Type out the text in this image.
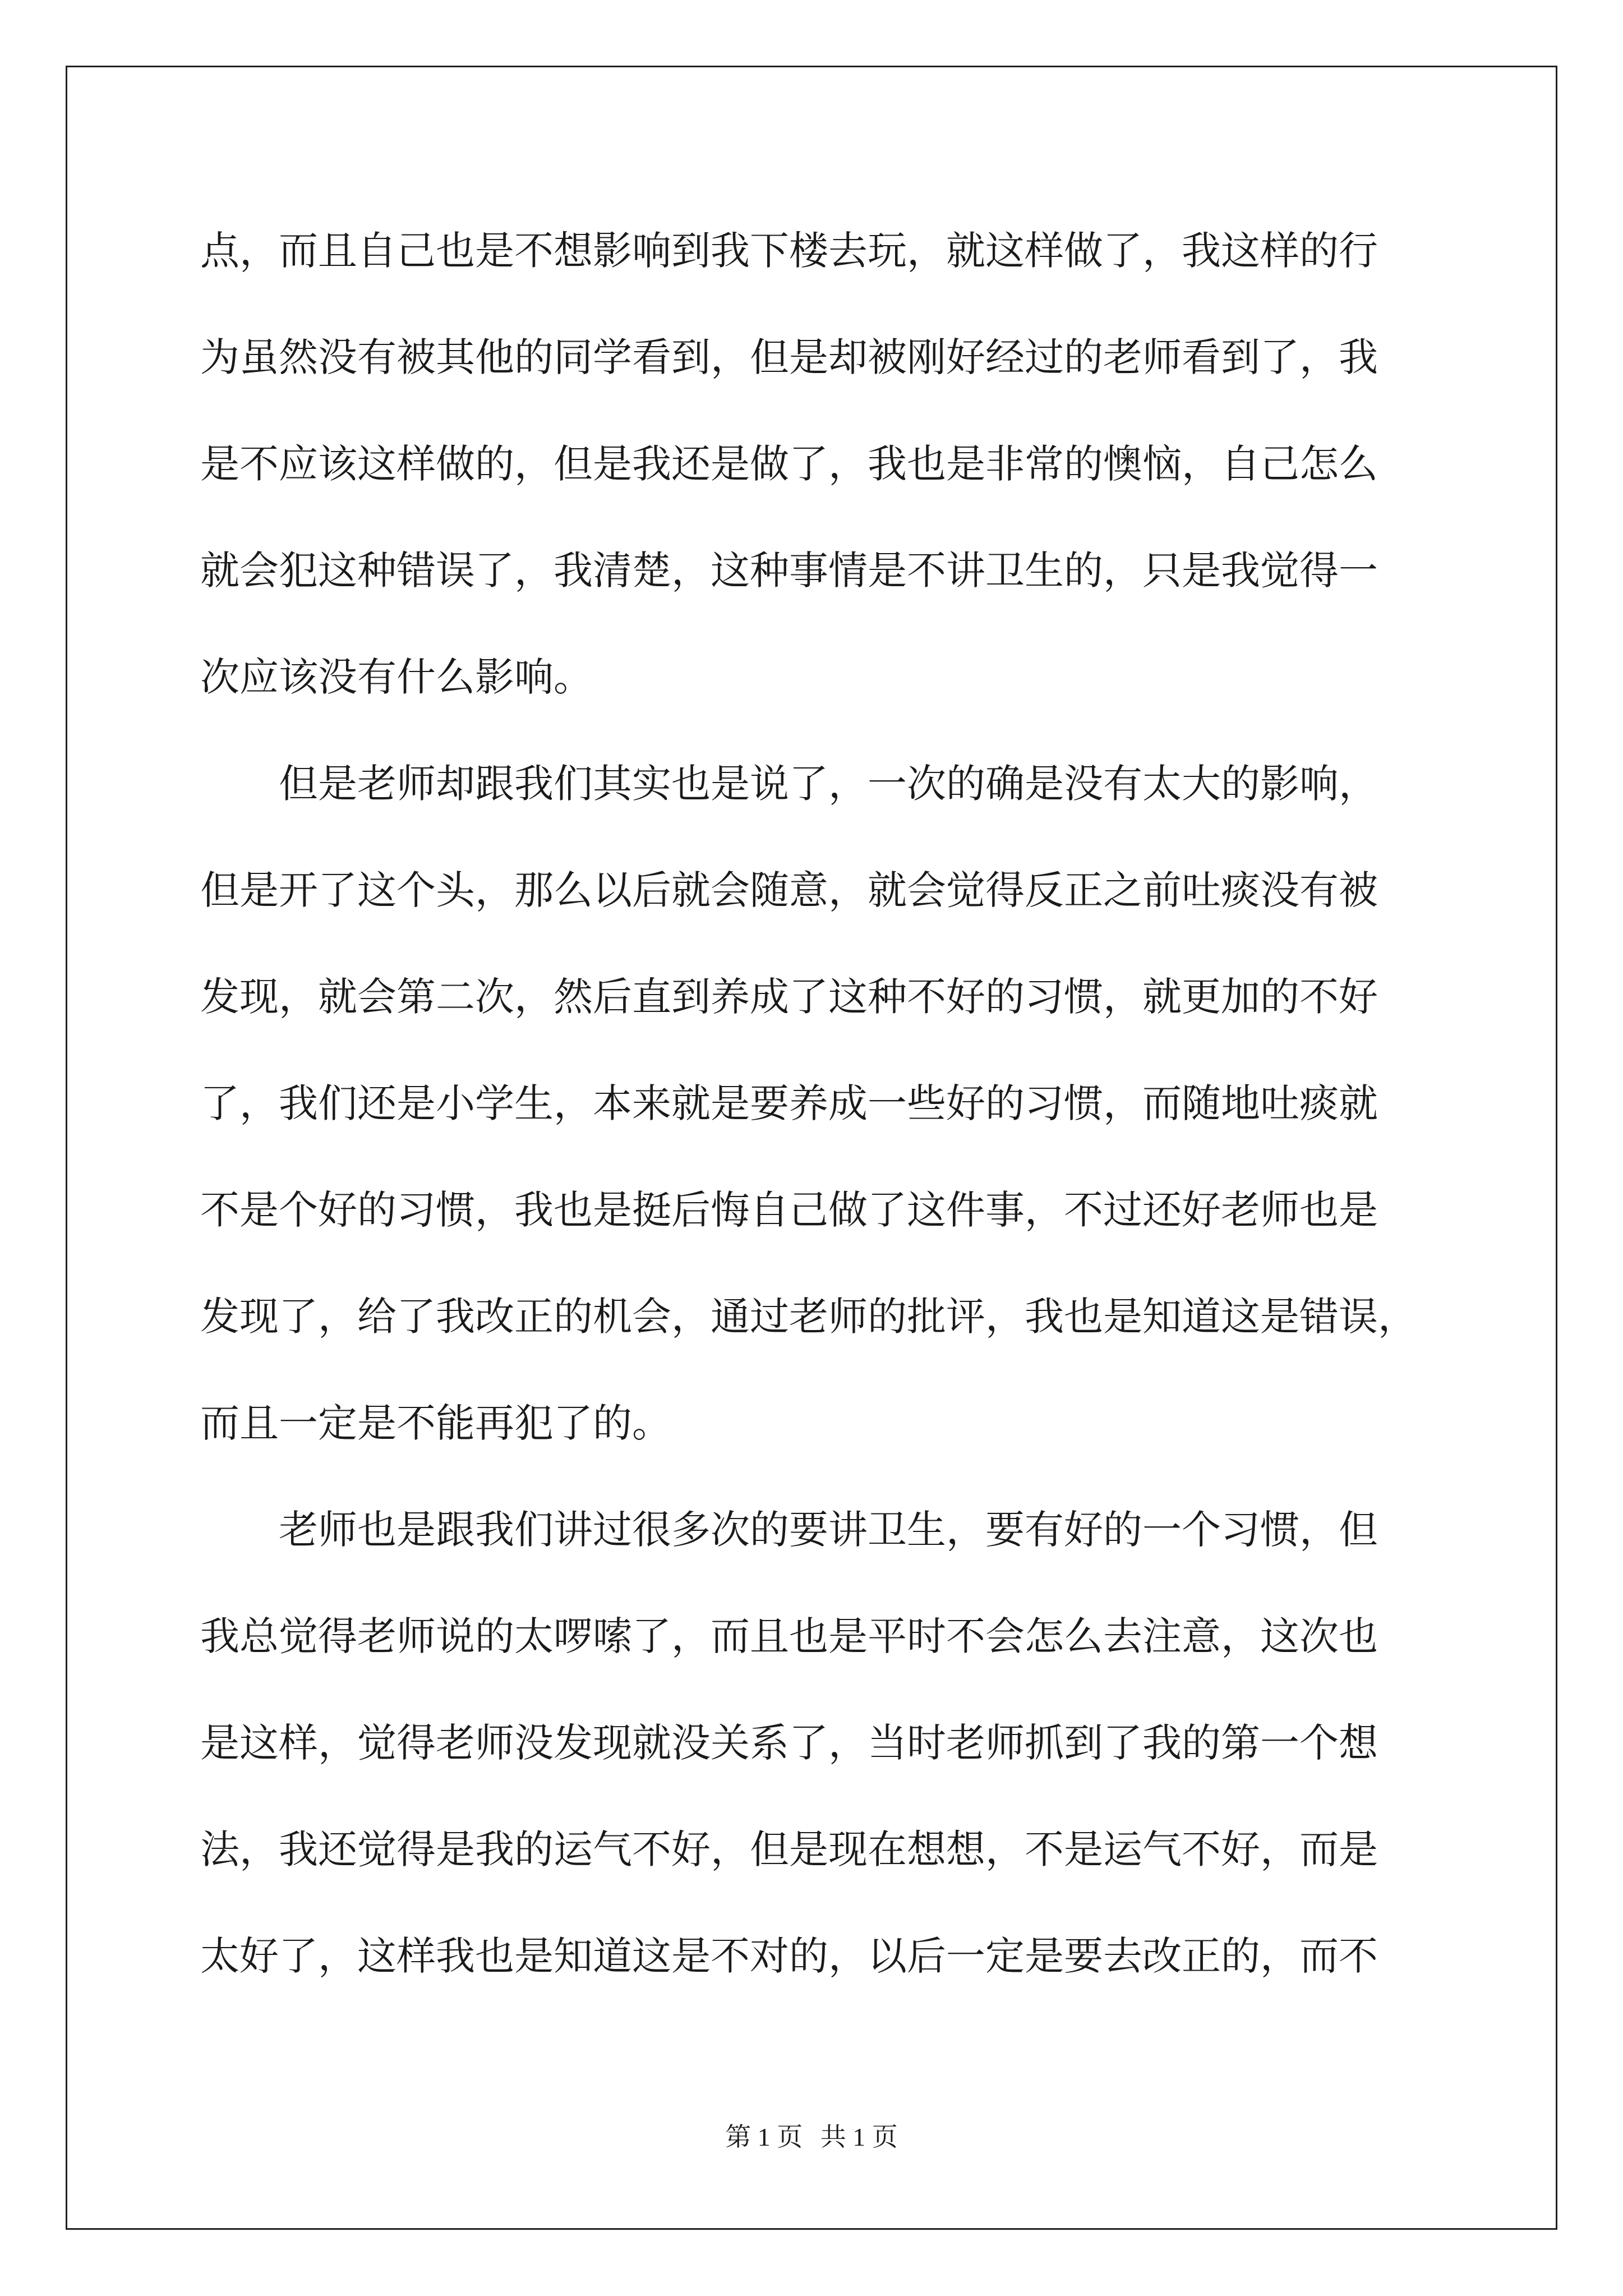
点，而且自己也是不想影响到我下楼去玩，就这样做了，我这样的行
为虽然没有被其他的同学看到，但是却被刚好经过的老师看到了，我
是不应该这样做的，但是我还是做了，我也是非常的懊恼，自己怎么
就会犯这种错误了，我清楚，这种事情是不讲卫生的，只是我觉得一
次应该没有什么影响。
　　但是老师却跟我们其实也是说了，一次的确是没有太大的影响，
但是开了这个头，那么以后就会随意，就会觉得反正之前吐痰没有被
发现，就会第二次，然后直到养成了这种不好的习惯，就更加的不好
了，我们还是小学生，本来就是要养成一些好的习惯，而随地吐痰就
不是个好的习惯，我也是挺后悔自己做了这件事，不过还好老师也是
发现了，给了我改正的机会，通过老师的批评，我也是知道这是错误，
而且一定是不能再犯了的。
　　老师也是跟我们讲过很多次的要讲卫生，要有好的一个习惯，但
我总觉得老师说的太啰嗦了，而且也是平时不会怎么去注意，这次也
是这样，觉得老师没发现就没关系了，当时老师抓到了我的第一个想
法，我还觉得是我的运气不好，但是现在想想，不是运气不好，而是
太好了，这样我也是知道这是不对的，以后一定是要去改正的，而不
第 1 页 共 1 页
